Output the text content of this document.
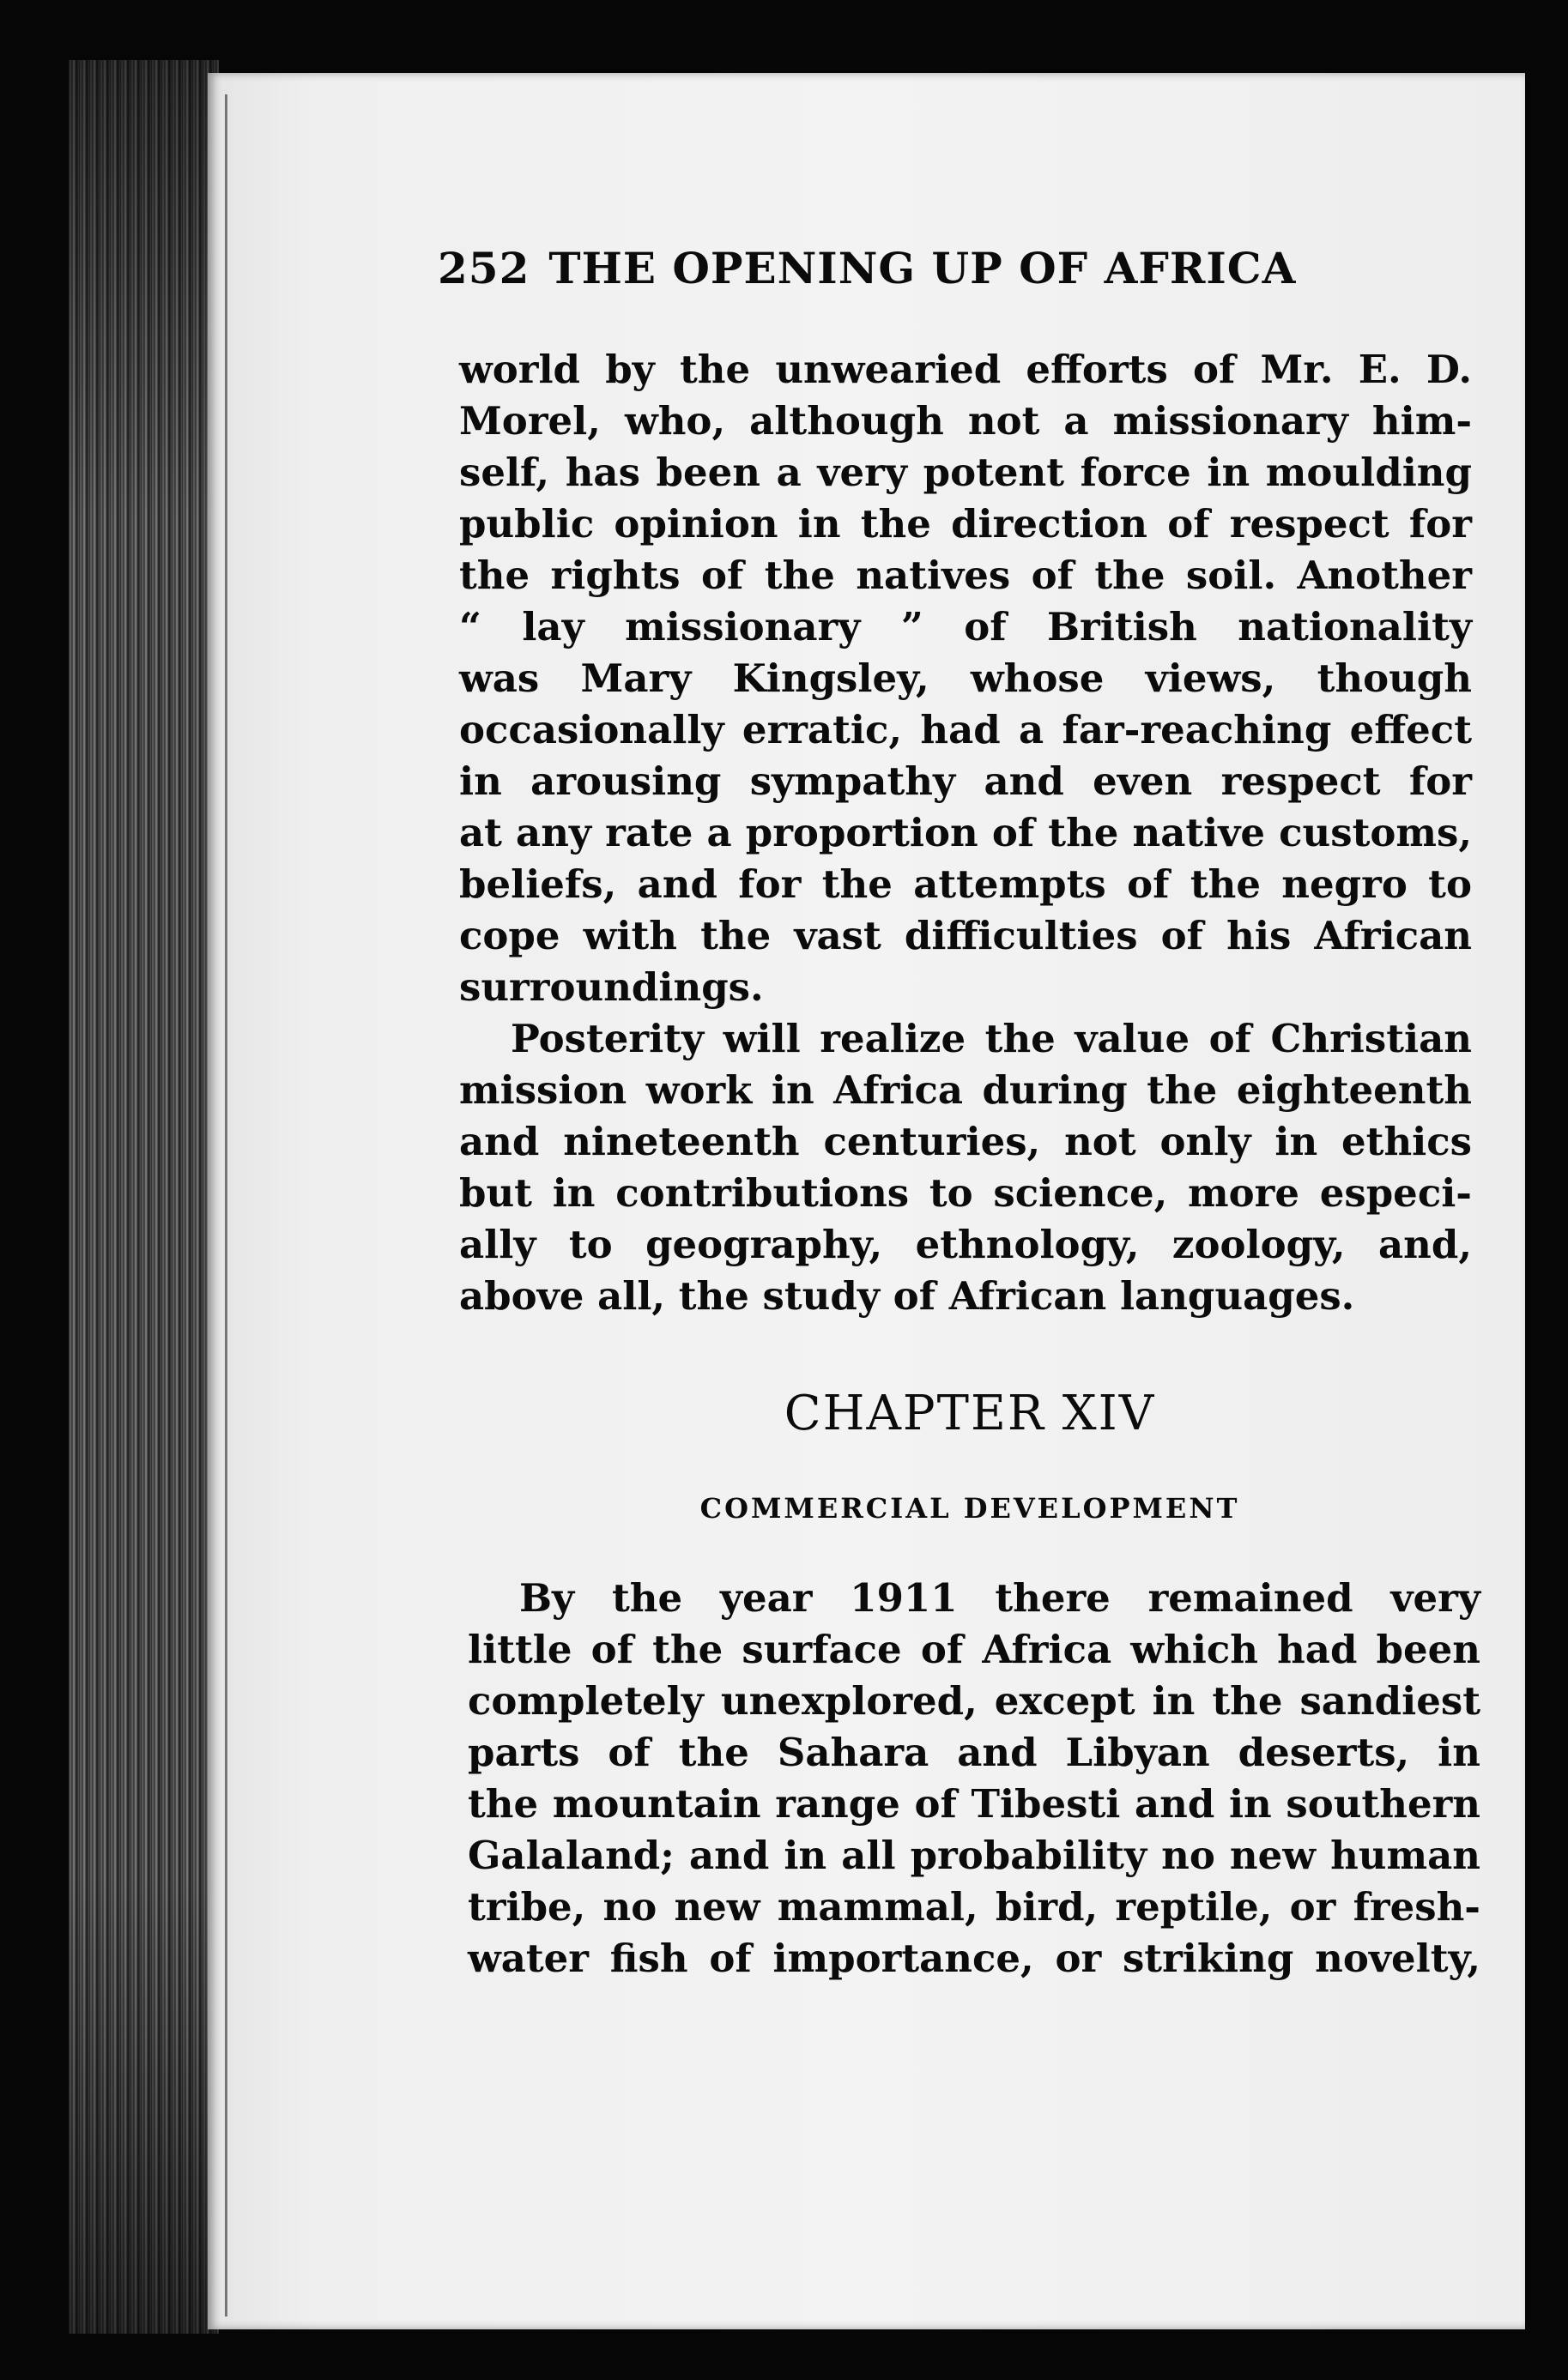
252 THE OPENING UP OF AFRICA
world by the unwearied efforts of Mr. E. D.
Morel, who, although not a missionary him-
self, has been a very potent force in moulding
public opinion in the direction of respect for
the rights of the natives of the soil. Another
“ lay missionary ” of British nationality
was Mary Kingsley, whose views, though
occasionally erratic, had a far-reaching effect
in arousing sympathy and even respect for
at any rate a proportion of the native customs,
beliefs, and for the attempts of the negro to
cope with the vast difficulties of his African
surroundings.
Posterity will realize the value of Christian
mission work in Africa during the eighteenth
and nineteenth centuries, not only in ethics
but in contributions to science, more especi-
ally to geography, ethnology, zoology, and,
above all, the study of African languages.
CHAPTER XIV
COMMERCIAL DEVELOPMENT
By the year 1911 there remained very
little of the surface of Africa which had been
completely unexplored, except in the sandiest
parts of the Sahara and Libyan deserts, in
the mountain range of Tibesti and in southern
Galaland; and in all probability no new human
tribe, no new mammal, bird, reptile, or fresh-
water fish of importance, or striking novelty,
